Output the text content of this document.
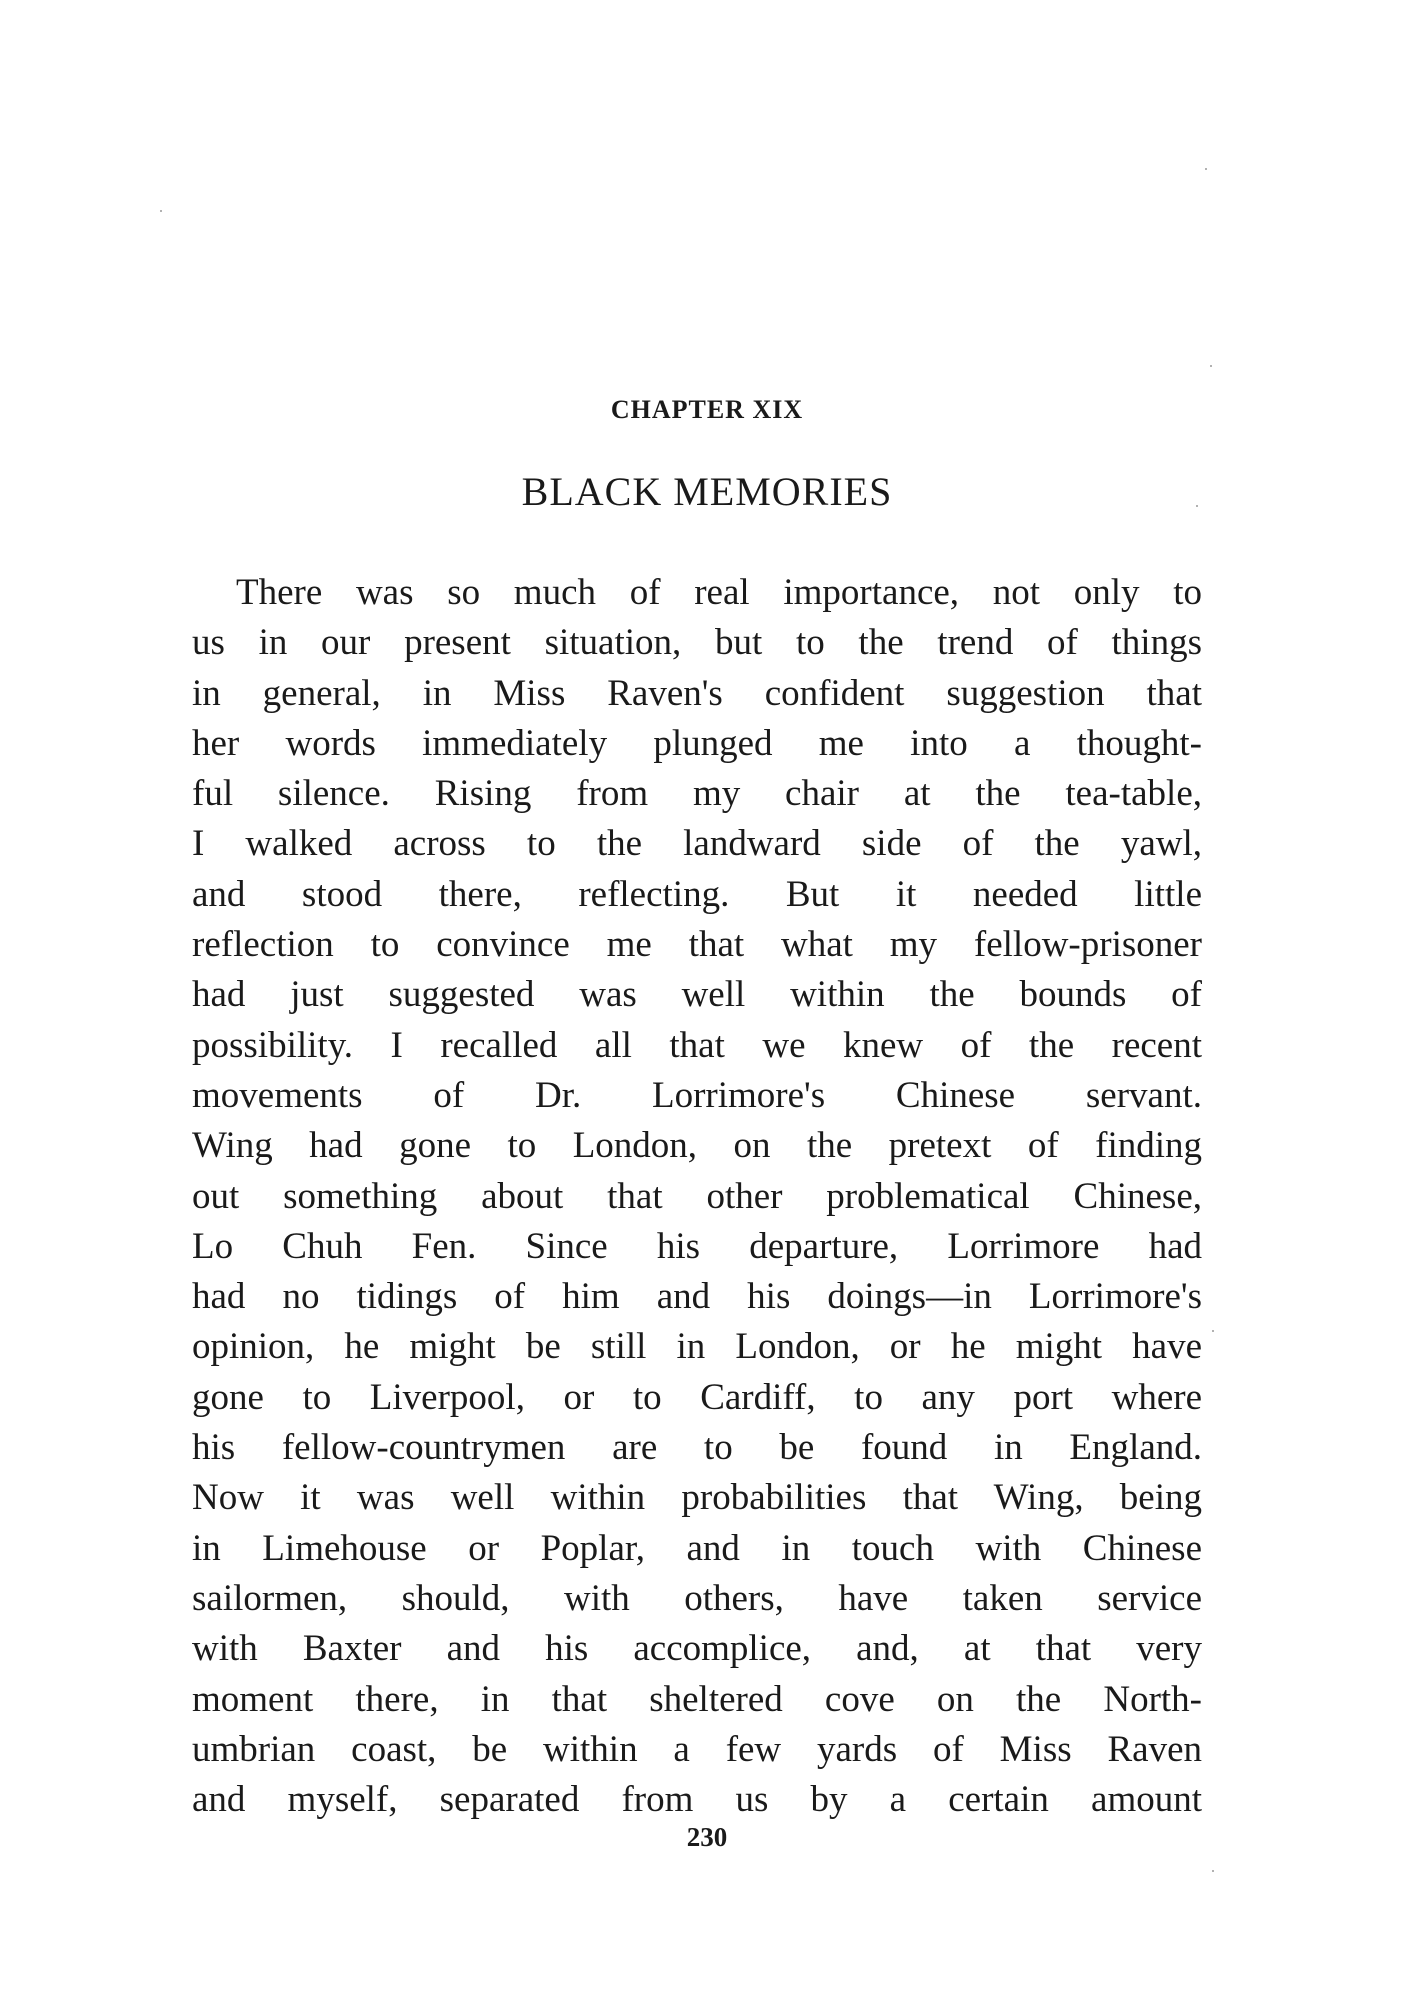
CHAPTER XIX
BLACK MEMORIES
There was so much of real importance, not only to
us in our present situation, but to the trend of things
in general, in Miss Raven's confident suggestion that
her words immediately plunged me into a thought-
ful silence. Rising from my chair at the tea-table,
I walked across to the landward side of the yawl,
and stood there, reflecting. But it needed little
reflection to convince me that what my fellow-prisoner
had just suggested was well within the bounds of
possibility. I recalled all that we knew of the recent
movements of Dr. Lorrimore's Chinese servant.
Wing had gone to London, on the pretext of finding
out something about that other problematical Chinese,
Lo Chuh Fen. Since his departure, Lorrimore had
had no tidings of him and his doings—in Lorrimore's
opinion, he might be still in London, or he might have
gone to Liverpool, or to Cardiff, to any port where
his fellow-countrymen are to be found in England.
Now it was well within probabilities that Wing, being
in Limehouse or Poplar, and in touch with Chinese
sailormen, should, with others, have taken service
with Baxter and his accomplice, and, at that very
moment there, in that sheltered cove on the North-
umbrian coast, be within a few yards of Miss Raven
and myself, separated from us by a certain amount
230
